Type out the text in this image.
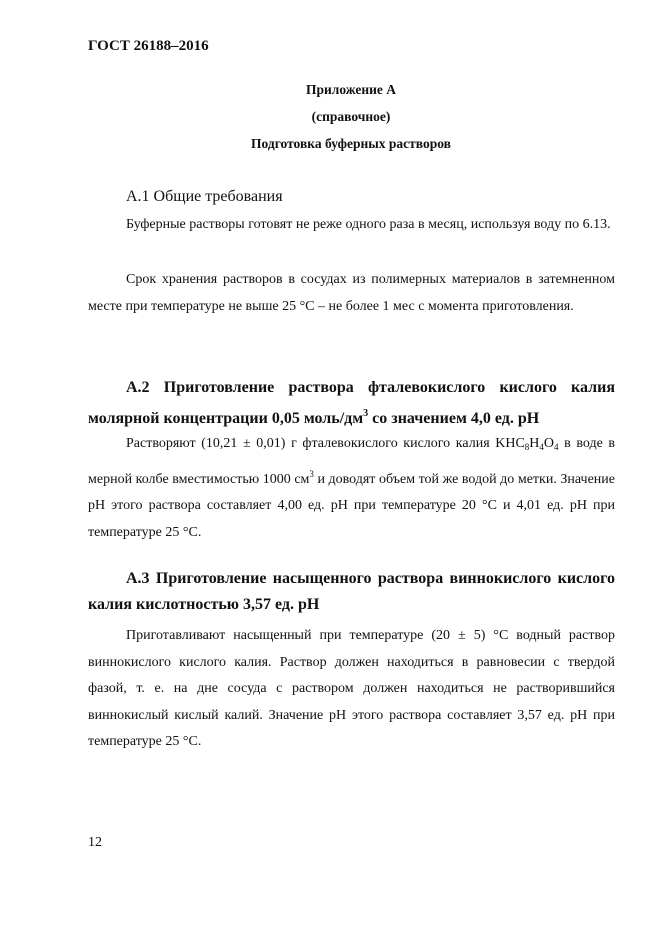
ГОСТ 26188–2016
Приложение А
(справочное)
Подготовка буферных растворов
А.1 Общие требования
Буферные растворы готовят не реже одного раза в месяц, используя воду по 6.13.
Срок хранения растворов в сосудах из полимерных материалов в затемненном месте при температуре не выше 25 °С – не более 1 мес с момента приготовления.
А.2 Приготовление раствора фталевокислого кислого калия молярной концентрации 0,05 моль/$дм^3$ со значением 4,0 ед. рН
Растворяют (10,21 ± 0,01) г фталевокислого кислого калия $KHC_8H_4O_4$ в воде в мерной колбе вместимостью 1000 $см^3$ и доводят объем той же водой до метки. Значение рН этого раствора составляет 4,00 ед. рН при температуре 20 °С и 4,01 ед. рН при температуре 25 °С.
А.3 Приготовление насыщенного раствора виннокислого кислого калия кислотностью 3,57 ед. рН
Приготавливают насыщенный при температуре (20 ± 5) °С водный раствор виннокислого кислого калия. Раствор должен находиться в равновесии с твердой фазой, т. е. на дне сосуда с раствором должен находиться не растворившийся виннокислый кислый калий. Значение рН этого раствора составляет 3,57 ед. рН при температуре 25 °С.
12
